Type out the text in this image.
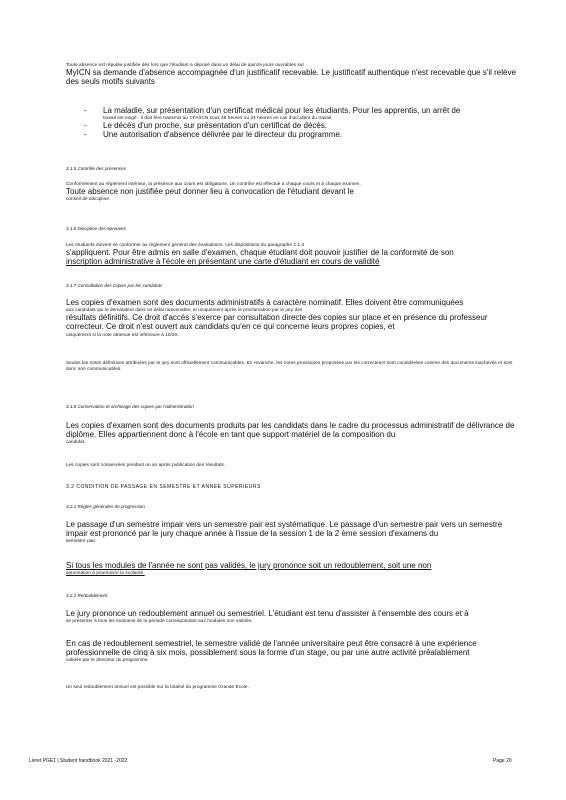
Toute absence est réputée justifiée dès lors que l'étudiant a déposé dans un délai de quinze jours ouvrables sur
MyICN sa demande d'absence accompagnée d'un justificatif recevable. Le justificatif authentique n'est recevable que s'il relève des seuls motifs suivants
- La maladie, sur présentation d'un certificat médical pour les étudiants. Pour les apprentis, un arrêt de
travail est exigé : il doit être transmis au CFA/ICN sous 48 heures ou 24 heures en cas d'accident du travail.
- Le décès d'un proche, sur présentation d'un certificat de décès.
- Une autorisation d'absence délivrée par le directeur du programme.
3.1.5 Contrôle des présences
Conformément au règlement intérieur, la présence aux cours est obligatoire. Un contrôle est effectué à chaque cours et à chaque examen.
Toute absence non justifiée peut donner lieu à convocation de l'étudiant devant le
conseil de discipline.
3.1.6 Discipline des épreuves
Les étudiants doivent se conformer au règlement général des évaluations. Les dispositions du paragraphe 1.1.3
s'appliquent. Pour être admis en salle d'examen, chaque étudiant doit pouvoir justifier de la conformité de son
inscription administrative à l'école en présentant une carte d'étudiant en cours de validité
3.1.7 Consultation des copies par les candidats
Les copies d'examen sont des documents administratifs à caractère nominatif. Elles doivent être communiquées
aux candidats qui le demandent dans un délai raisonnable, et uniquement après la proclamation par le jury des
résultats définitifs. Ce droit d'accès s'exerce par consultation directe des copies sur place et en présence du professeur correcteur. Ce droit n'est ouvert aux candidats qu'en ce qui concerne leurs propres copies, et
uniquement si la note obtenue est inférieure à 10/20.
Seules les notes définitives attribuées par le jury sont officiellement communicables. En revanche, les notes provisoires proposées par les correcteurs sont considérées comme des documents inachevés et sont donc non communicables.
3.1.8 Conservation et archivage des copies par l'administration
Les copies d'examen sont des documents produits par les candidats dans le cadre du processus administratif de délivrance de diplôme. Elles appartiennent donc à l'école en tant que support matériel de la composition du
candidat.
Les copies sont conservées pendant un an après publication des résultats.
3.2 CONDITION DE PASSAGE EN SEMESTRE ET ANNEE SUPERIEURS
3.2.1 Règles générales de progression
Le passage d'un semestre impair vers un semestre pair est systématique. Le passage d'un semestre pair vers un semestre impair est prononcé par le jury chaque année à l'issue de la session 1 de la 2 ème session d'examens du
semestre pair.
Si tous les modules de l'année ne sont pas validés, le jury prononce soit un redoublement, soit une non
autorisation à poursuivre la scolarité.
3.2.2 Redoublement
Le jury prononce un redoublement annuel ou semestriel. L'étudiant est tenu d'assister à l'ensemble des cours et à
se présenter à tous les examens de la période correspondant aux modules non validés.
En cas de redoublement semestriel, le semestre validé de l'année universitaire peut être consacré à une expérience professionnelle de cinq à six mois, possiblement sous la forme d'un stage, ou par une autre activité préalablement
validée par le directeur du programme.
Un seul redoublement annuel est possible sur la totalité du programme Grande Ecole.
Livret PGE1 | Student handbook 2021 -2022	Page 20
